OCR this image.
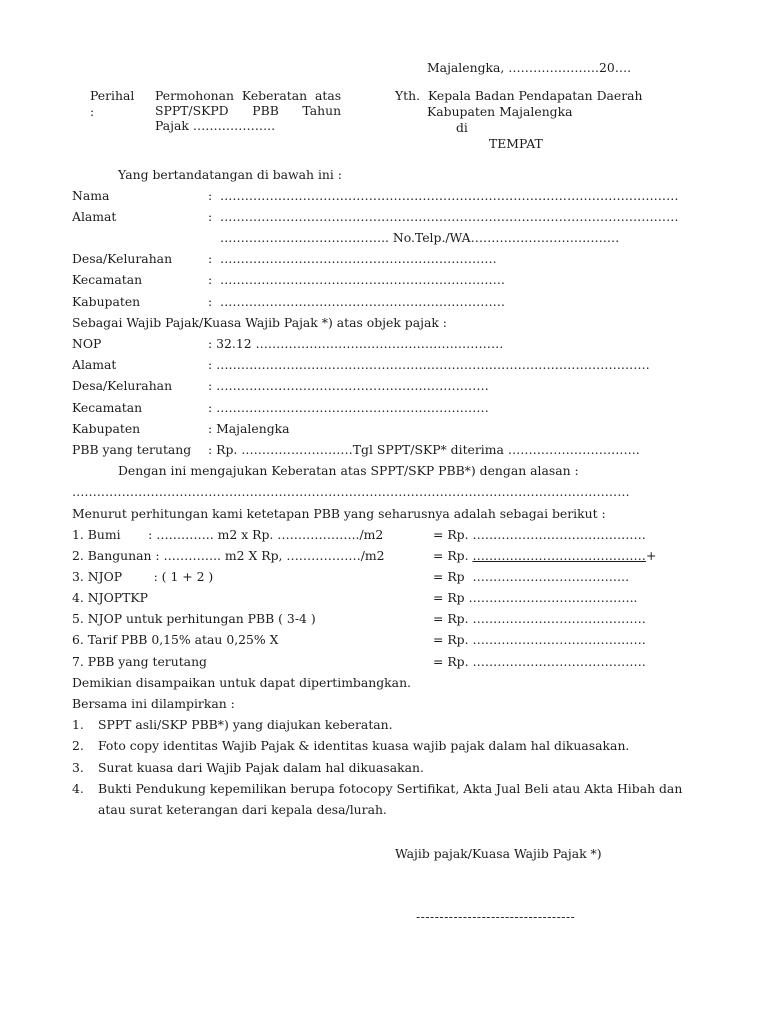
Majalengka, ………………….20….
Perihal
:
Permohonan  Keberatan  atas
SPPT/SKPD      PBB      Tahun
Pajak ………………..
Yth.  Kepala Badan Pendapatan Daerah
Kabupaten Majalengka
di
TEMPAT
Yang bertandatangan di bawah ini :
Nama	: …………………………………………………………………………………………………
Alamat	: …………………………………………………………………………………………………
………………………………….. No.Telp./WA………………………………
Desa/Kelurahan	: ………………………………………………………….
Kecamatan	: ……………………………………………………………
Kabupaten	: ……………………………………………………………
Sebagai Wajib Pajak/Kuasa Wajib Pajak *) atas objek pajak :
NOP	: 32.12 ……………………………………………………
Alamat	: ……………………………………………………………………………………………
Desa/Kelurahan	: …………………………………………………………
Kecamatan	: …………………………………………………………
Kabupaten	: Majalengka
PBB yang terutang : Rp. ………………………Tgl SPPT/SKP* diterima …………………………..
Dengan ini mengajukan Keberatan atas SPPT/SKP PBB*) dengan alasan :
………………………………………………………………………………………………………………………
Menurut perhitungan kami ketetapan PBB yang seharusnya adalah sebagai berikut :
1. Bumi       : ………….. m2 x Rp. ………………../m2	= Rp. ……………………………………
2. Bangunan : ………….. m2 X Rp, ………………/m2	= Rp. ……………………………………+
3. NJOP        : ( 1 + 2 )	= Rp  ………………………………..
4. NJOPTKP	= Rp …………………………………..
5. NJOP untuk perhitungan PBB ( 3-4 )	= Rp. ……………………………………
6. Tarif PBB 0,15% atau 0,25% X	= Rp. ……………………………………
7. PBB yang terutang	= Rp. ……………………………………
Demikian disampaikan untuk dapat dipertimbangkan.
Bersama ini dilampirkan :
1. SPPT asli/SKP PBB*) yang diajukan keberatan.
2. Foto copy identitas Wajib Pajak & identitas kuasa wajib pajak dalam hal dikuasakan.
3. Surat kuasa dari Wajib Pajak dalam hal dikuasakan.
4. Bukti Pendukung kepemilikan berupa fotocopy Sertifikat, Akta Jual Beli atau Akta Hibah dan atau surat keterangan dari kepala desa/lurah.
Wajib pajak/Kuasa Wajib Pajak *)
----------------------------------
